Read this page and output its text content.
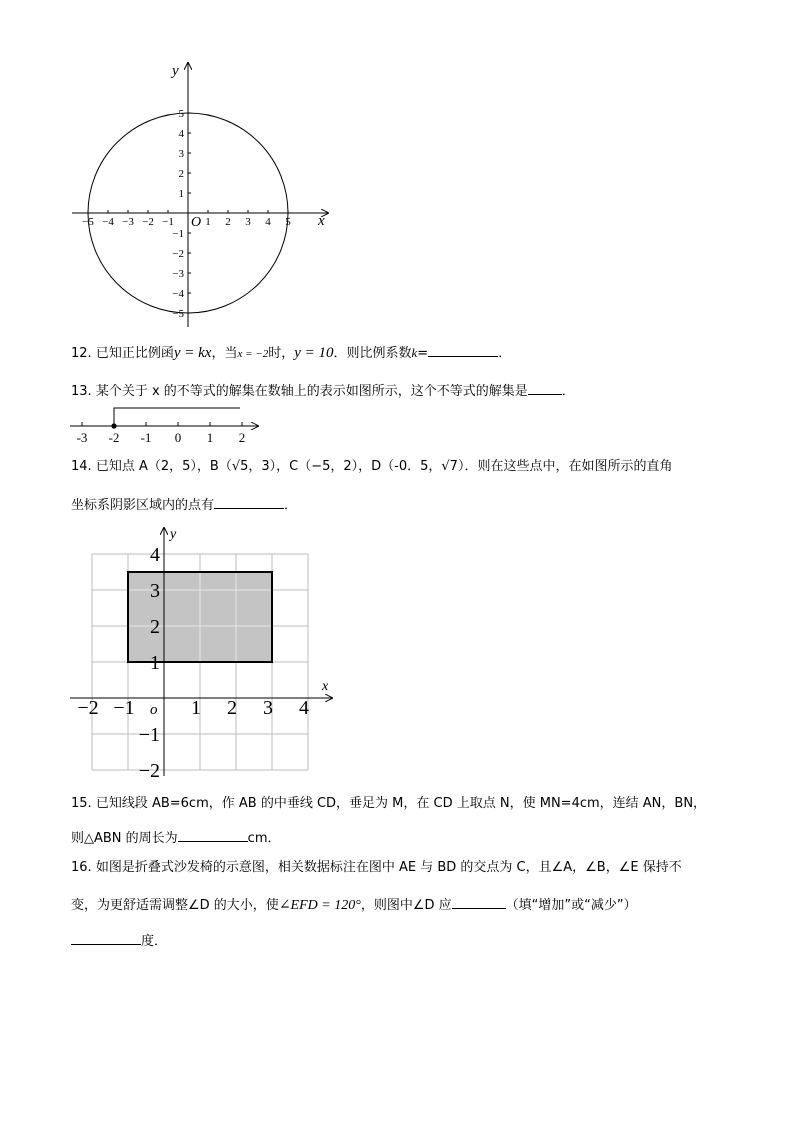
x
y
O
−5 −4 −3 −2 −1	1 2 3 4 5
5
4
3
2
1
−1
−2
−3
−4
−5
12. 已知正比例函y = kx，当x = −2时，y = 10．则比例系数k=	．
13. 某个关于 x 的不等式的解集在数轴上的表示如图所示，这个不等式的解集是	．
-3 -2 -1 0 1 2
14. 已知点 A（2，5），B（√5，3），C（−5，2），D（-0．5，√7）．则在这些点中，在如图所示的直角
坐标系阴影区域内的点有	．
x
y
o
−2 −1	1 2 3 4
4
3
2
1
−1
−2
15. 已知线段 AB=6cm，作 AB 的中垂线 CD，垂足为 M，在 CD 上取点 N，使 MN=4cm，连结 AN，BN，
则△ABN 的周长为	cm．
16. 如图是折叠式沙发椅的示意图，相关数据标注在图中 AE 与 BD 的交点为 C，且∠A，∠B，∠E 保持不
变，为更舒适需调整∠D 的大小，使∠EFD = 120°，则图中∠D 应	（填“增加”或“减少”）
度．
